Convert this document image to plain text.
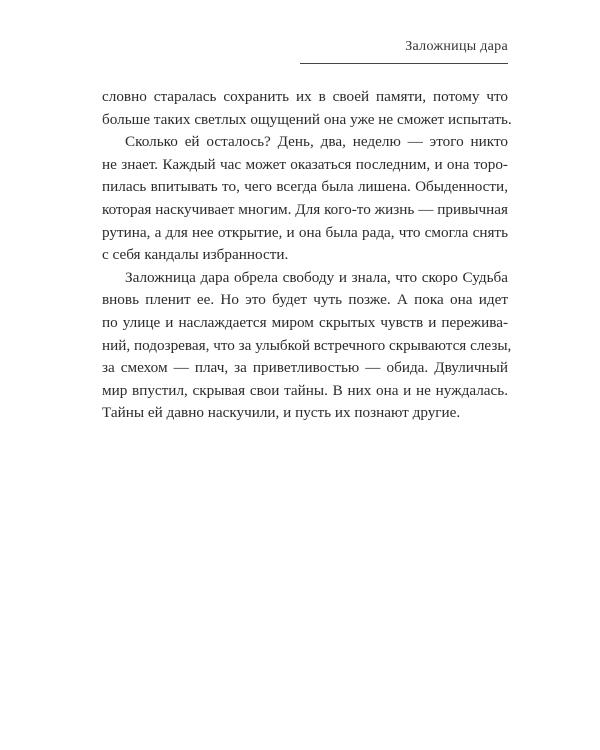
Заложницы дара

словно старалась сохранить их в своей памяти, потому что
больше таких светлых ощущений она уже не сможет испытать.

Сколько ей осталось? День, два, неделю — этого никто
не знает. Каждый час может оказаться последним, и она торо-
пилась впитывать то, чего всегда была лишена. Обыденности,
которая наскучивает многим. Для кого-то жизнь — привычная
рутина, а для нее открытие, и она была рада, что смогла снять
с себя кандалы избранности.

Заложница дара обрела свободу и знала, что скоро Судьба
вновь пленит ее. Но это будет чуть позже. А пока она идет
по улице и наслаждается миром скрытых чувств и пережива-
ний, подозревая, что за улыбкой встречного скрываются слезы,
за смехом — плач, за приветливостью — обида. Двуличный
мир впустил, скрывая свои тайны. В них она и не нуждалась.
Тайны ей давно наскучили, и пусть их познают другие.
